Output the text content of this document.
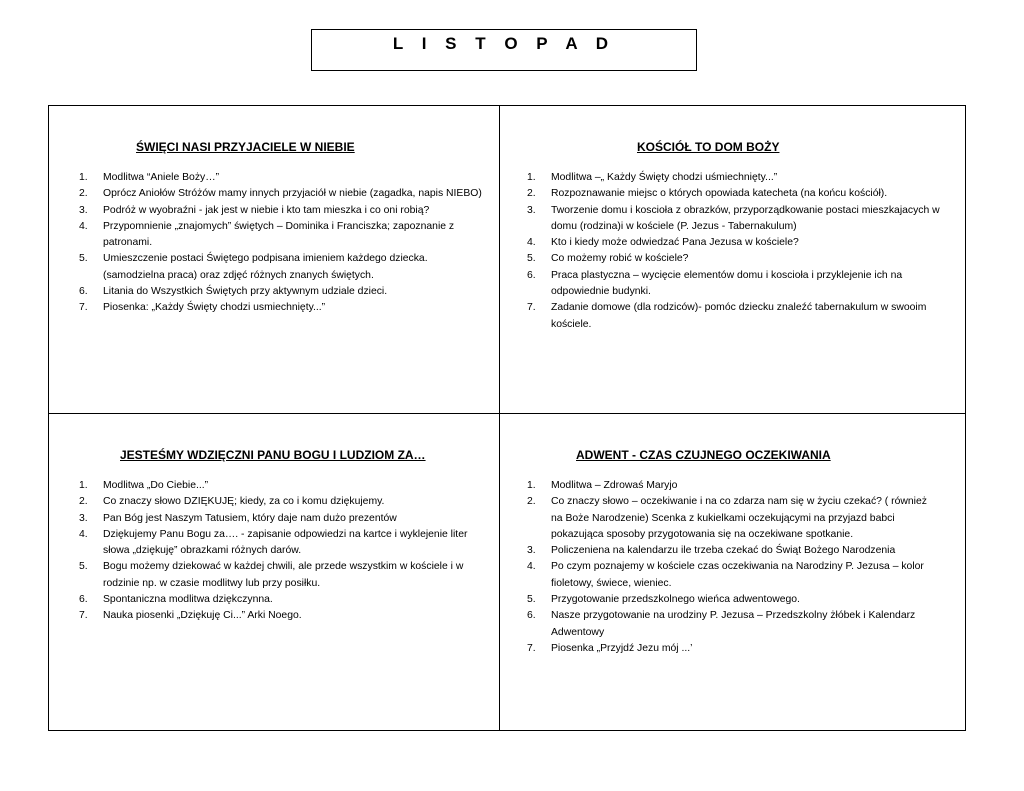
L I S T O P A D
ŚWIĘCI NASI PRZYJACIELE W NIEBIE
1. Modlitwa “Aniele Boży…”
2. Oprócz Aniołów Stróżów mamy innych przyjaciół w niebie (zagadka, napis NIEBO)
3. Podróż w wyobraźni - jak jest w niebie i kto tam mieszka i co oni robią?
4. Przypomnienie „znajomych” świętych – Dominika i Franciszka; zapoznanie z patronami.
5. Umieszczenie postaci Świętego podpisana imieniem każdego dziecka. (samodzielna praca) oraz zdjęć różnych znanych świętych.
6. Litania do Wszystkich Świętych przy aktywnym udziale dzieci.
7. Piosenka: „Każdy Święty chodzi usmiechnięty...”
KOŚCIÓŁ TO DOM BOŻY
1. Modlitwa –„ Każdy Święty chodzi uśmiechnięty...”
2. Rozpoznawanie miejsc o których opowiada katecheta (na końcu kościół).
3. Tworzenie domu i koscioła z obrazków, przyporządkowanie postaci mieszkajacych w domu (rodzina)i w kościele (P. Jezus - Tabernakulum)
4. Kto i kiedy może odwiedzać Pana Jezusa w kościele?
5. Co możemy robić w kościele?
6. Praca plastyczna – wycięcie elementów domu i koscioła i przyklejenie ich na odpowiednie budynki.
7. Zadanie domowe (dla rodziców)- pomóc dziecku znaleźć tabernakulum w swooim kościele.
JESTEŚMY WDZIĘCZNI PANU BOGU I LUDZIOM ZA…
1. Modlitwa „Do Ciebie...”
2. Co znaczy słowo DZIĘKUJĘ; kiedy, za co i komu dziękujemy.
3. Pan Bóg jest Naszym Tatusiem, który daje nam dużo prezentów
4. Dziękujemy Panu Bogu za…. - zapisanie odpowiedzi na kartce i wyklejenie liter słowa „dziękuję” obrazkami różnych darów.
5. Bogu możemy dziekować w każdej chwili, ale przede wszystkim w kościele i w rodzinie np. w czasie modlitwy lub przy posiłku.
6. Spontaniczna modlitwa dziękczynna.
7. Nauka piosenki „Dziękuję Ci...” Arki Noego.
ADWENT - CZAS CZUJNEGO OCZEKIWANIA
1. Modlitwa – Zdrowaś Maryjo
2. Co znaczy słowo – oczekiwanie i na co zdarza nam się w życiu czekać? ( również na Boże Narodzenie) Scenka z kukielkami oczekującymi na przyjazd babci pokazująca sposoby przygotowania się na oczekiwane spotkanie.
3. Policzeniena na kalendarzu ile trzeba czekać do Świąt Bożego Narodzenia
4. Po czym poznajemy w kościele czas oczekiwania na Narodziny P. Jezusa – kolor fioletowy, świece, wieniec.
5. Przygotowanie przedszkolnego wieńca adwentowego.
6. Nasze przygotowanie na urodziny P. Jezusa – Przedszkolny żłóbek i Kalendarz Adwentowy
7. Piosenka „Przyjdź Jezu mój ...’
